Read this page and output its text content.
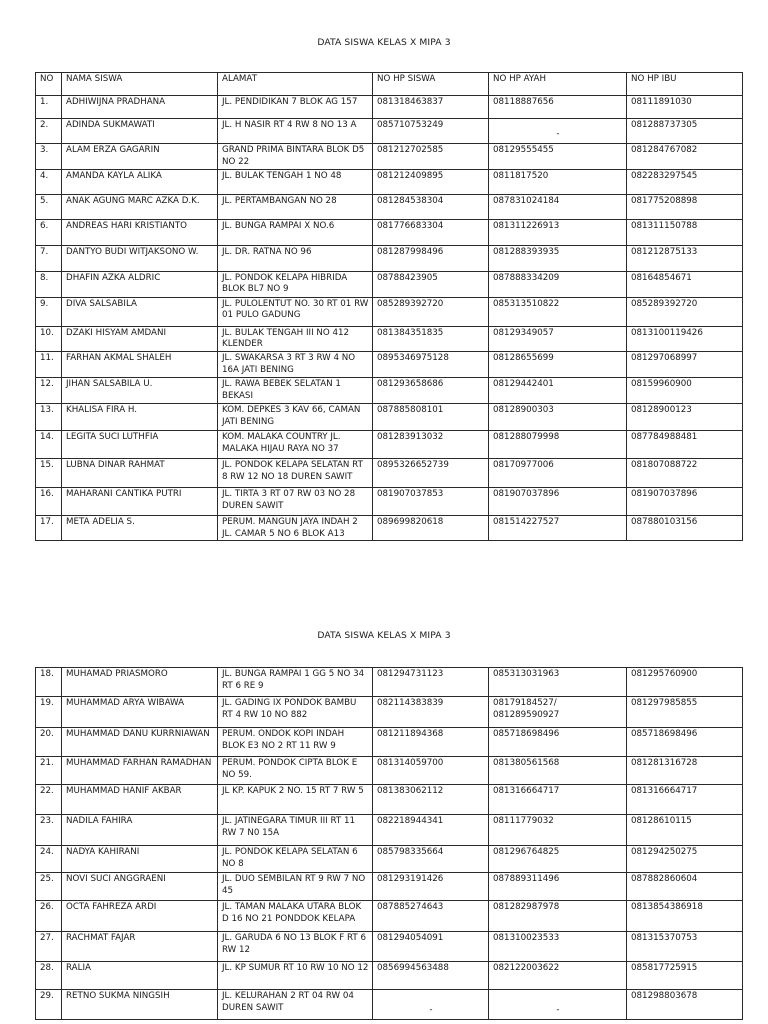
DATA SISWA KELAS X MIPA 3
NO	NAMA SISWA	ALAMAT	NO HP SISWA	NO HP AYAH	NO HP IBU
1.	ADHIWIJNA PRADHANA	JL. PENDIDIKAN 7 BLOK AG 157	081318463837	08118887656	08111891030
2.	ADINDA SUKMAWATI	JL. H NASIR RT 4 RW 8 NO 13 A	085710753249	-	081288737305
3.	ALAM ERZA GAGARIN	GRAND PRIMA BINTARA BLOK D5 NO 22	081212702585	08129555455	081284767082
4.	AMANDA KAYLA ALIKA	JL. BULAK TENGAH 1 NO 48	081212409895	0811817520	082283297545
5.	ANAK AGUNG MARC AZKA D.K.	JL. PERTAMBANGAN NO 28	081284538304	087831024184	081775208898
6.	ANDREAS HARI KRISTIANTO	JL. BUNGA RAMPAI X NO.6	081776683304	081311226913	081311150788
7.	DANTYO BUDI WITJAKSONO W.	JL. DR. RATNA NO 96	081287998496	081288393935	081212875133
8.	DHAFIN AZKA ALDRIC	JL. PONDOK KELAPA HIBRIDA BLOK BL7 NO 9	08788423905	087888334209	08164854671
9.	DIVA SALSABILA	JL. PULOLENTUT NO. 30 RT 01 RW 01 PULO GADUNG	085289392720	085313510822	085289392720
10.	DZAKI HISYAM AMDANI	JL. BULAK TENGAH III NO 412 KLENDER	081384351835	08129349057	0813100119426
11.	FARHAN AKMAL SHALEH	JL. SWAKARSA 3 RT 3 RW 4 NO 16A JATI BENING	0895346975128	08128655699	081297068997
12.	JIHAN SALSABILA U.	JL. RAWA BEBEK SELATAN 1 BEKASI	081293658686	08129442401	08159960900
13.	KHALISA FIRA H.	KOM. DEPKES 3 KAV 66, CAMAN JATI BENING	087885808101	08128900303	08128900123
14.	LEGITA SUCI LUTHFIA	KOM. MALAKA COUNTRY JL. MALAKA HIJAU RAYA NO 37	081283913032	081288079998	087784988481
15.	LUBNA DINAR RAHMAT	JL. PONDOK KELAPA SELATAN RT 8 RW 12 NO 18 DUREN SAWIT	0895326652739	08170977006	081807088722
16.	MAHARANI CANTIKA PUTRI	JL. TIRTA 3 RT 07 RW 03 NO 28 DUREN SAWIT	081907037853	081907037896	081907037896
17.	META ADELIA S.	PERUM. MANGUN JAYA INDAH 2 JL. CAMAR 5 NO 6 BLOK A13	089699820618	081514227527	087880103156
DATA SISWA KELAS X MIPA 3
18.	MUHAMAD PRIASMORO	JL. BUNGA RAMPAI 1 GG 5 NO 34 RT 6 RE 9	081294731123	085313031963	081295760900
19.	MUHAMMAD ARYA WIBAWA	JL. GADING IX PONDOK BAMBU RT 4 RW 10 NO 882	082114383839	08179184527/ 081289590927	081297985855
20.	MUHAMMAD DANU KURRNIAWAN	PERUM. ONDOK KOPI INDAH BLOK E3 NO 2 RT 11 RW 9	081211894368	085718698496	085718698496
21.	MUHAMMAD FARHAN RAMADHAN	PERUM. PONDOK CIPTA BLOK E NO 59.	081314059700	081380561568	081281316728
22.	MUHAMMAD HANIF AKBAR	JL KP. KAPUK 2 NO. 15 RT 7 RW 5	081383062112	081316664717	081316664717
23.	NADILA FAHIRA	JL. JATINEGARA TIMUR III RT 11 RW 7 N0 15A	082218944341	08111779032	08128610115
24.	NADYA KAHIRANI	JL. PONDOK KELAPA SELATAN 6 NO 8	085798335664	081296764825	081294250275
25.	NOVI SUCI ANGGRAENI	JL. DUO SEMBILAN RT 9 RW 7 NO 45	081293191426	087889311496	087882860604
26.	OCTA FAHREZA ARDI	JL. TAMAN MALAKA UTARA BLOK D 16 NO 21 PONDDOK KELAPA	087885274643	081282987978	0813854386918
27.	RACHMAT FAJAR	JL. GARUDA 6 NO 13 BLOK F RT 6 RW 12	081294054091	081310023533	081315370753
28.	RALIA	JL. KP SUMUR RT 10 RW 10 NO 12	0856994563488	082122003622	085817725915
29.	RETNO SUKMA NINGSIH	JL. KELURAHAN 2 RT 04 RW 04 DUREN SAWIT	-	-	081298803678
